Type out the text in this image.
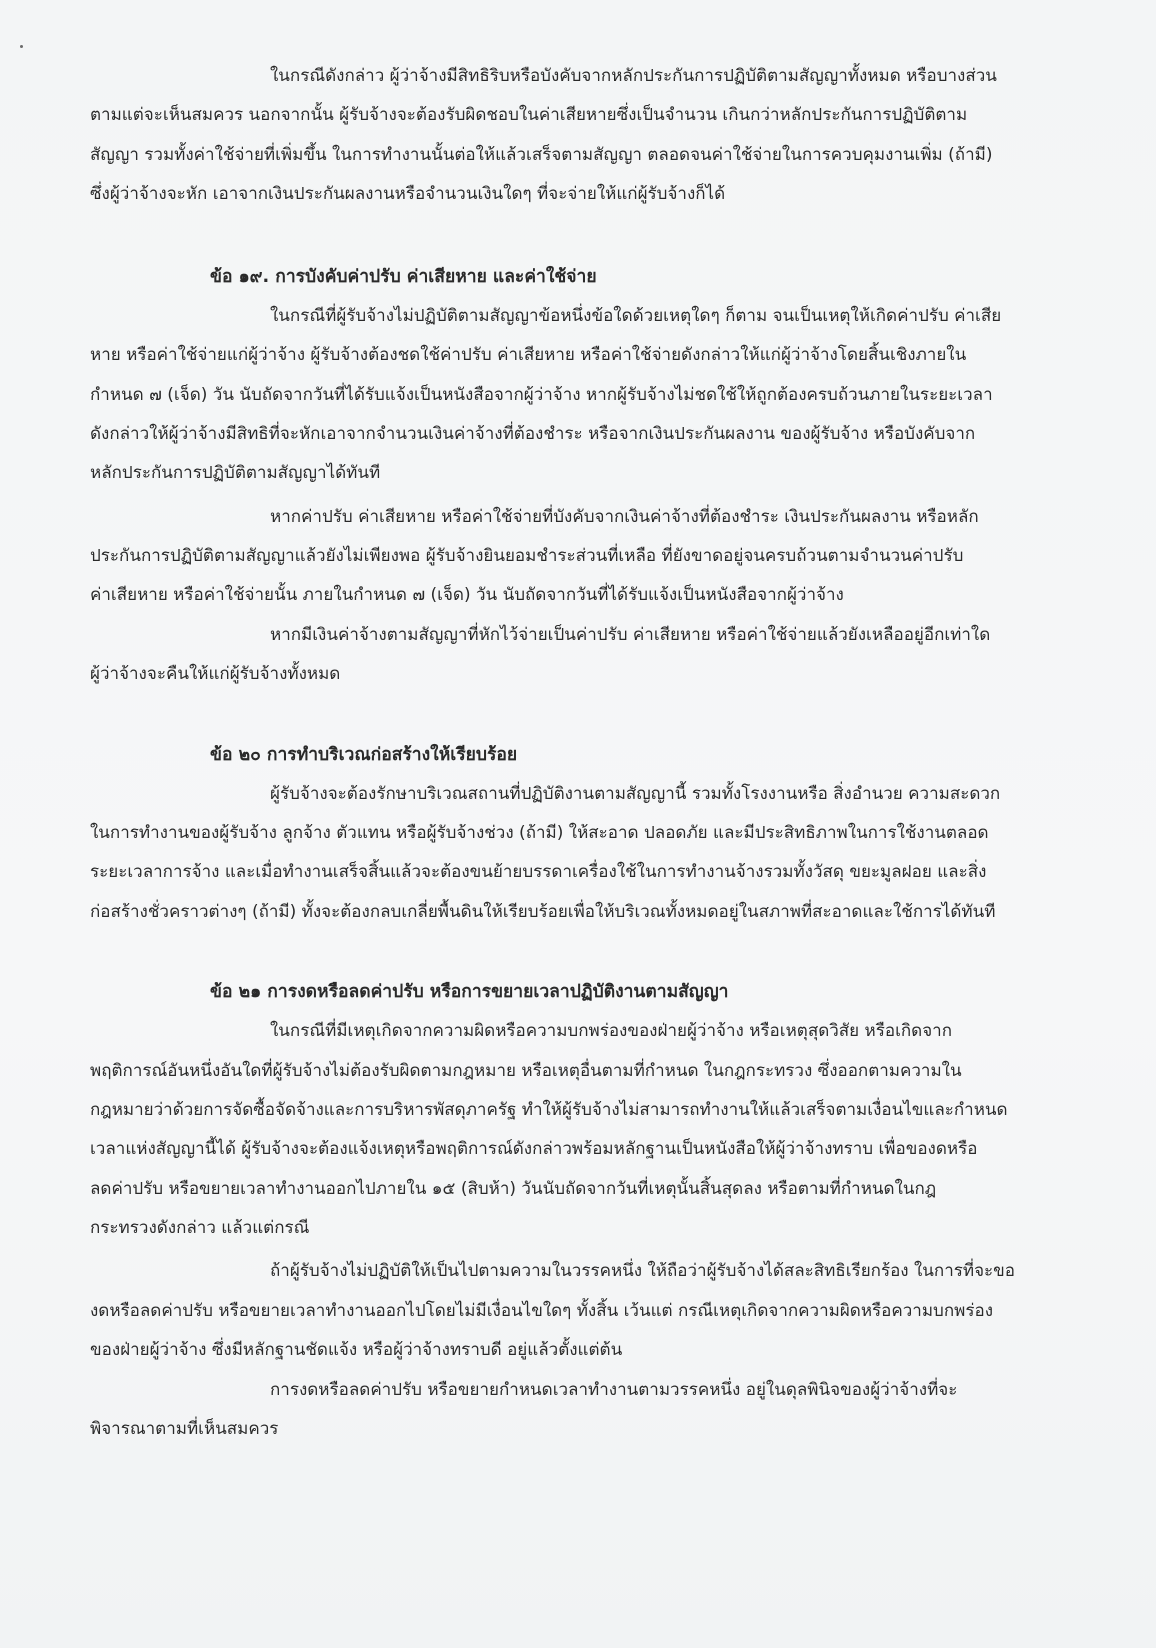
ในกรณีดังกล่าว ผู้ว่าจ้างมีสิทธิริบหรือบังคับจากหลักประกันการปฏิบัติตามสัญญาทั้งหมด หรือบางส่วน
ตามแต่จะเห็นสมควร นอกจากนั้น ผู้รับจ้างจะต้องรับผิดชอบในค่าเสียหายซึ่งเป็นจำนวน เกินกว่าหลักประกันการปฏิบัติตาม
สัญญา รวมทั้งค่าใช้จ่ายที่เพิ่มขึ้น ในการทำงานนั้นต่อให้แล้วเสร็จตามสัญญา ตลอดจนค่าใช้จ่ายในการควบคุมงานเพิ่ม (ถ้ามี)
ซึ่งผู้ว่าจ้างจะหัก เอาจากเงินประกันผลงานหรือจำนวนเงินใดๆ ที่จะจ่ายให้แก่ผู้รับจ้างก็ได้
ข้อ ๑๙. การบังคับค่าปรับ ค่าเสียหาย และค่าใช้จ่าย
ในกรณีที่ผู้รับจ้างไม่ปฏิบัติตามสัญญาข้อหนึ่งข้อใดด้วยเหตุใดๆ ก็ตาม จนเป็นเหตุให้เกิดค่าปรับ ค่าเสีย
หาย หรือค่าใช้จ่ายแก่ผู้ว่าจ้าง ผู้รับจ้างต้องชดใช้ค่าปรับ ค่าเสียหาย หรือค่าใช้จ่ายดังกล่าวให้แก่ผู้ว่าจ้างโดยสิ้นเชิงภายใน
กำหนด ๗ (เจ็ด) วัน นับถัดจากวันที่ได้รับแจ้งเป็นหนังสือจากผู้ว่าจ้าง หากผู้รับจ้างไม่ชดใช้ให้ถูกต้องครบถ้วนภายในระยะเวลา
ดังกล่าวให้ผู้ว่าจ้างมีสิทธิที่จะหักเอาจากจำนวนเงินค่าจ้างที่ต้องชำระ หรือจากเงินประกันผลงาน ของผู้รับจ้าง หรือบังคับจาก
หลักประกันการปฏิบัติตามสัญญาได้ทันที
หากค่าปรับ ค่าเสียหาย หรือค่าใช้จ่ายที่บังคับจากเงินค่าจ้างที่ต้องชำระ เงินประกันผลงาน หรือหลัก
ประกันการปฏิบัติตามสัญญาแล้วยังไม่เพียงพอ ผู้รับจ้างยินยอมชำระส่วนที่เหลือ ที่ยังขาดอยู่จนครบถ้วนตามจำนวนค่าปรับ
ค่าเสียหาย หรือค่าใช้จ่ายนั้น ภายในกำหนด ๗ (เจ็ด) วัน นับถัดจากวันที่ได้รับแจ้งเป็นหนังสือจากผู้ว่าจ้าง
หากมีเงินค่าจ้างตามสัญญาที่หักไว้จ่ายเป็นค่าปรับ ค่าเสียหาย หรือค่าใช้จ่ายแล้วยังเหลืออยู่อีกเท่าใด
ผู้ว่าจ้างจะคืนให้แก่ผู้รับจ้างทั้งหมด
ข้อ ๒๐ การทำบริเวณก่อสร้างให้เรียบร้อย
ผู้รับจ้างจะต้องรักษาบริเวณสถานที่ปฏิบัติงานตามสัญญานี้ รวมทั้งโรงงานหรือ สิ่งอำนวย ความสะดวก
ในการทำงานของผู้รับจ้าง ลูกจ้าง ตัวแทน หรือผู้รับจ้างช่วง (ถ้ามี) ให้สะอาด ปลอดภัย และมีประสิทธิภาพในการใช้งานตลอด
ระยะเวลาการจ้าง และเมื่อทำงานเสร็จสิ้นแล้วจะต้องขนย้ายบรรดาเครื่องใช้ในการทำงานจ้างรวมทั้งวัสดุ ขยะมูลฝอย และสิ่ง
ก่อสร้างชั่วคราวต่างๆ (ถ้ามี) ทั้งจะต้องกลบเกลี่ยพื้นดินให้เรียบร้อยเพื่อให้บริเวณทั้งหมดอยู่ในสภาพที่สะอาดและใช้การได้ทันที
ข้อ ๒๑ การงดหรือลดค่าปรับ หรือการขยายเวลาปฏิบัติงานตามสัญญา
ในกรณีที่มีเหตุเกิดจากความผิดหรือความบกพร่องของฝ่ายผู้ว่าจ้าง หรือเหตุสุดวิสัย หรือเกิดจาก
พฤติการณ์อันหนึ่งอันใดที่ผู้รับจ้างไม่ต้องรับผิดตามกฎหมาย หรือเหตุอื่นตามที่กำหนด ในกฎกระทรวง ซึ่งออกตามความใน
กฎหมายว่าด้วยการจัดซื้อจัดจ้างและการบริหารพัสดุภาครัฐ ทำให้ผู้รับจ้างไม่สามารถทำงานให้แล้วเสร็จตามเงื่อนไขและกำหนด
เวลาแห่งสัญญานี้ได้ ผู้รับจ้างจะต้องแจ้งเหตุหรือพฤติการณ์ดังกล่าวพร้อมหลักฐานเป็นหนังสือให้ผู้ว่าจ้างทราบ เพื่อของดหรือ
ลดค่าปรับ หรือขยายเวลาทำงานออกไปภายใน ๑๕ (สิบห้า) วันนับถัดจากวันที่เหตุนั้นสิ้นสุดลง หรือตามที่กำหนดในกฎ
กระทรวงดังกล่าว แล้วแต่กรณี
ถ้าผู้รับจ้างไม่ปฏิบัติให้เป็นไปตามความในวรรคหนึ่ง ให้ถือว่าผู้รับจ้างได้สละสิทธิเรียกร้อง ในการที่จะขอ
งดหรือลดค่าปรับ หรือขยายเวลาทำงานออกไปโดยไม่มีเงื่อนไขใดๆ ทั้งสิ้น เว้นแต่ กรณีเหตุเกิดจากความผิดหรือความบกพร่อง
ของฝ่ายผู้ว่าจ้าง ซึ่งมีหลักฐานชัดแจ้ง หรือผู้ว่าจ้างทราบดี อยู่แล้วตั้งแต่ต้น
การงดหรือลดค่าปรับ หรือขยายกำหนดเวลาทำงานตามวรรคหนึ่ง อยู่ในดุลพินิจของผู้ว่าจ้างที่จะ
พิจารณาตามที่เห็นสมควร
